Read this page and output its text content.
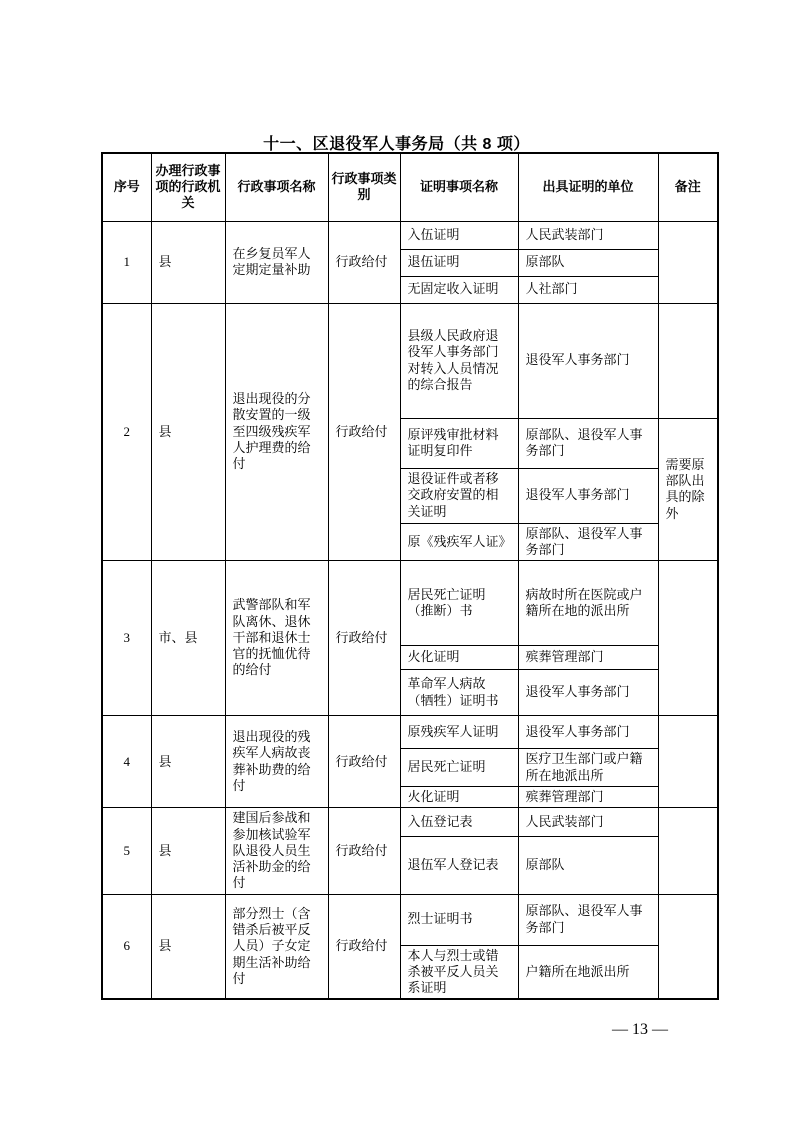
十一、区退役军人事务局（共 8 项）
序号	办理行政事项的行政机关	行政事项名称	行政事项类别	证明事项名称	出具证明的单位	备注
1	县	在乡复员军人定期定量补助	行政给付	入伍证明	人民武装部门	
				退伍证明	原部队	
				无固定收入证明	人社部门	
2	县	退出现役的分散安置的一级至四级残疾军人护理费的给付	行政给付	县级人民政府退役军人事务部门对转入人员情况的综合报告	退役军人事务部门	
				原评残审批材料证明复印件	原部队、退役军人事务部门	需要原部队出具的除外
				退役证件或者移交政府安置的相关证明	退役军人事务部门	
				原《残疾军人证》	原部队、退役军人事务部门	
3	市、县	武警部队和军队离休、退休干部和退休士官的抚恤优待的给付	行政给付	居民死亡证明（推断）书	病故时所在医院或户籍所在地的派出所	
				火化证明	殡葬管理部门	
				革命军人病故（牺牲）证明书	退役军人事务部门	
4	县	退出现役的残疾军人病故丧葬补助费的给付	行政给付	原残疾军人证明	退役军人事务部门	
				居民死亡证明	医疗卫生部门或户籍所在地派出所	
				火化证明	殡葬管理部门	
5	县	建国后参战和参加核试验军队退役人员生活补助金的给付	行政给付	入伍登记表	人民武装部门	
				退伍军人登记表	原部队	
6	县	部分烈士（含错杀后被平反人员）子女定期生活补助给付	行政给付	烈士证明书	原部队、退役军人事务部门	
				本人与烈士或错杀被平反人员关系证明	户籍所在地派出所	
— 13 —
